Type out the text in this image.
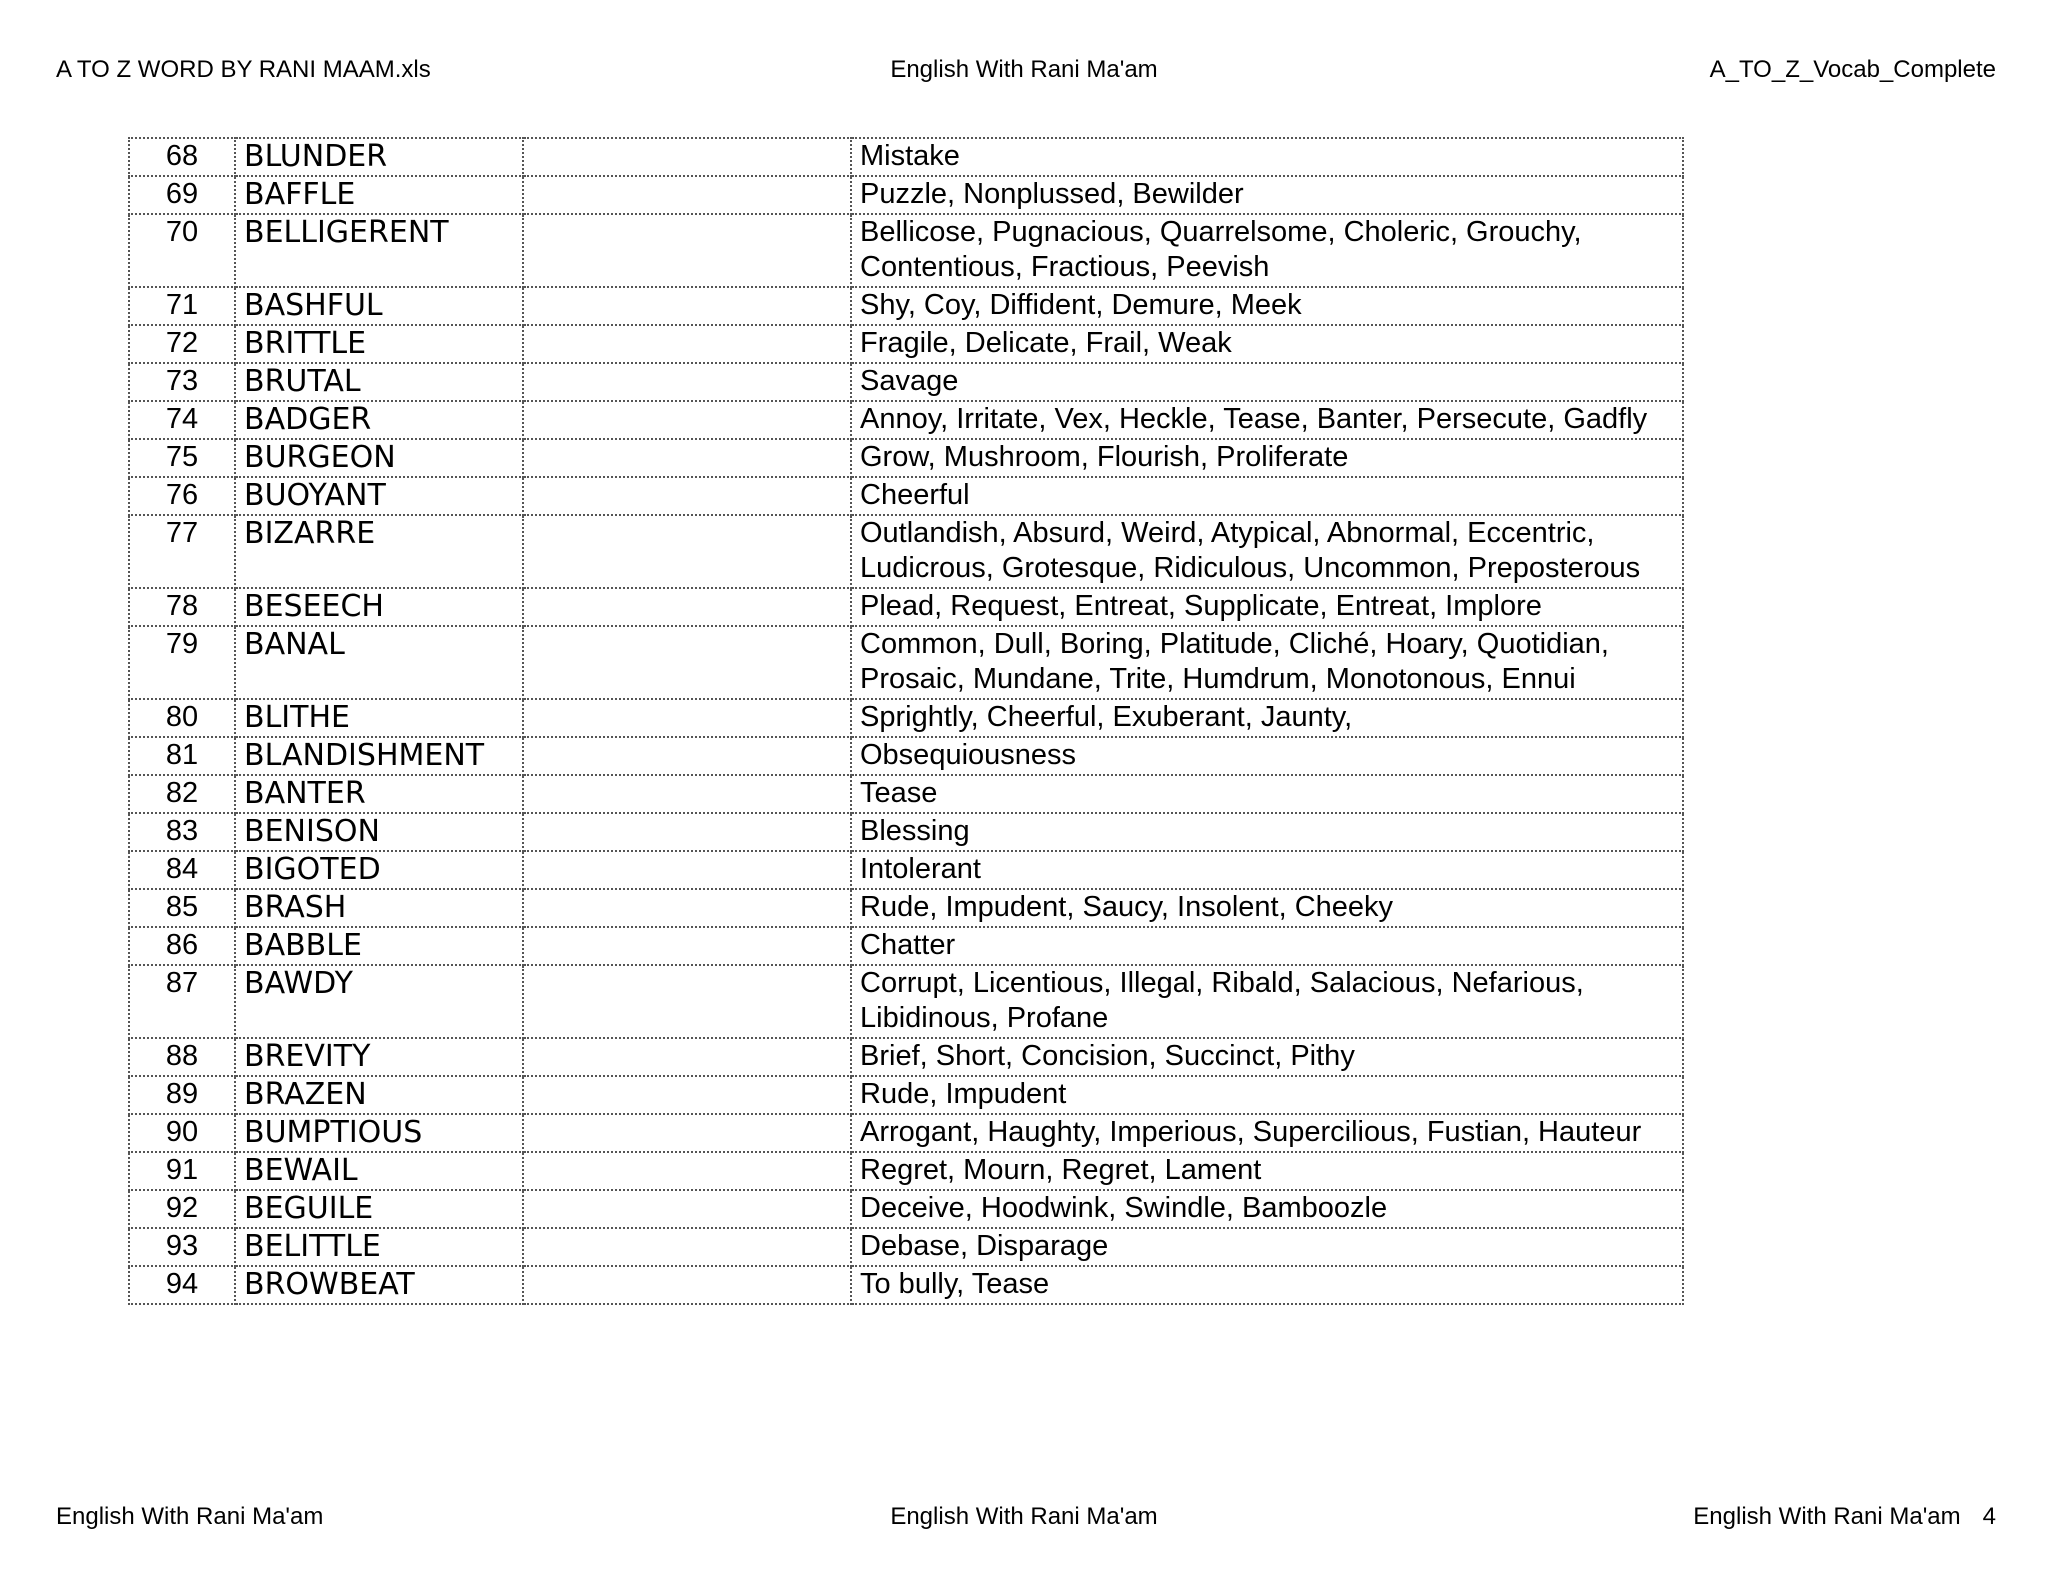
A TO Z WORD BY RANI MAAM.xls	English With Rani Ma'am	A_TO_Z_Vocab_Complete
68	BLUNDER		Mistake

69	BAFFLE		Puzzle, Nonplussed, Bewilder

70	BELLIGERENT		Bellicose, Pugnacious, Quarrelsome, Choleric, Grouchy,
Contentious, Fractious, Peevish

71	BASHFUL		Shy, Coy, Diffident, Demure, Meek

72	BRITTLE		Fragile, Delicate, Frail, Weak

73	BRUTAL		Savage

74	BADGER		Annoy, Irritate, Vex, Heckle, Tease, Banter, Persecute, Gadfly

75	BURGEON		Grow, Mushroom, Flourish, Proliferate

76	BUOYANT		Cheerful

77	BIZARRE		Outlandish, Absurd, Weird, Atypical, Abnormal, Eccentric,
Ludicrous, Grotesque, Ridiculous, Uncommon, Preposterous

78	BESEECH		Plead, Request, Entreat, Supplicate, Entreat, Implore

79	BANAL		Common, Dull, Boring, Platitude, Cliché, Hoary, Quotidian,
Prosaic, Mundane, Trite, Humdrum, Monotonous, Ennui

80	BLITHE		Sprightly, Cheerful, Exuberant, Jaunty,

81	BLANDISHMENT		Obsequiousness

82	BANTER		Tease

83	BENISON		Blessing

84	BIGOTED		Intolerant

85	BRASH		Rude, Impudent, Saucy, Insolent, Cheeky

86	BABBLE		Chatter

87	BAWDY		Corrupt, Licentious, Illegal, Ribald, Salacious, Nefarious,
Libidinous, Profane

88	BREVITY		Brief, Short, Concision, Succinct, Pithy

89	BRAZEN		Rude, Impudent

90	BUMPTIOUS		Arrogant, Haughty, Imperious, Supercilious, Fustian, Hauteur

91	BEWAIL		Regret, Mourn, Regret, Lament

92	BEGUILE		Deceive, Hoodwink, Swindle, Bamboozle

93	BELITTLE		Debase, Disparage

94	BROWBEAT		To bully, Tease
English With Rani Ma'am	English With Rani Ma'am	English With Rani Ma'am 4
